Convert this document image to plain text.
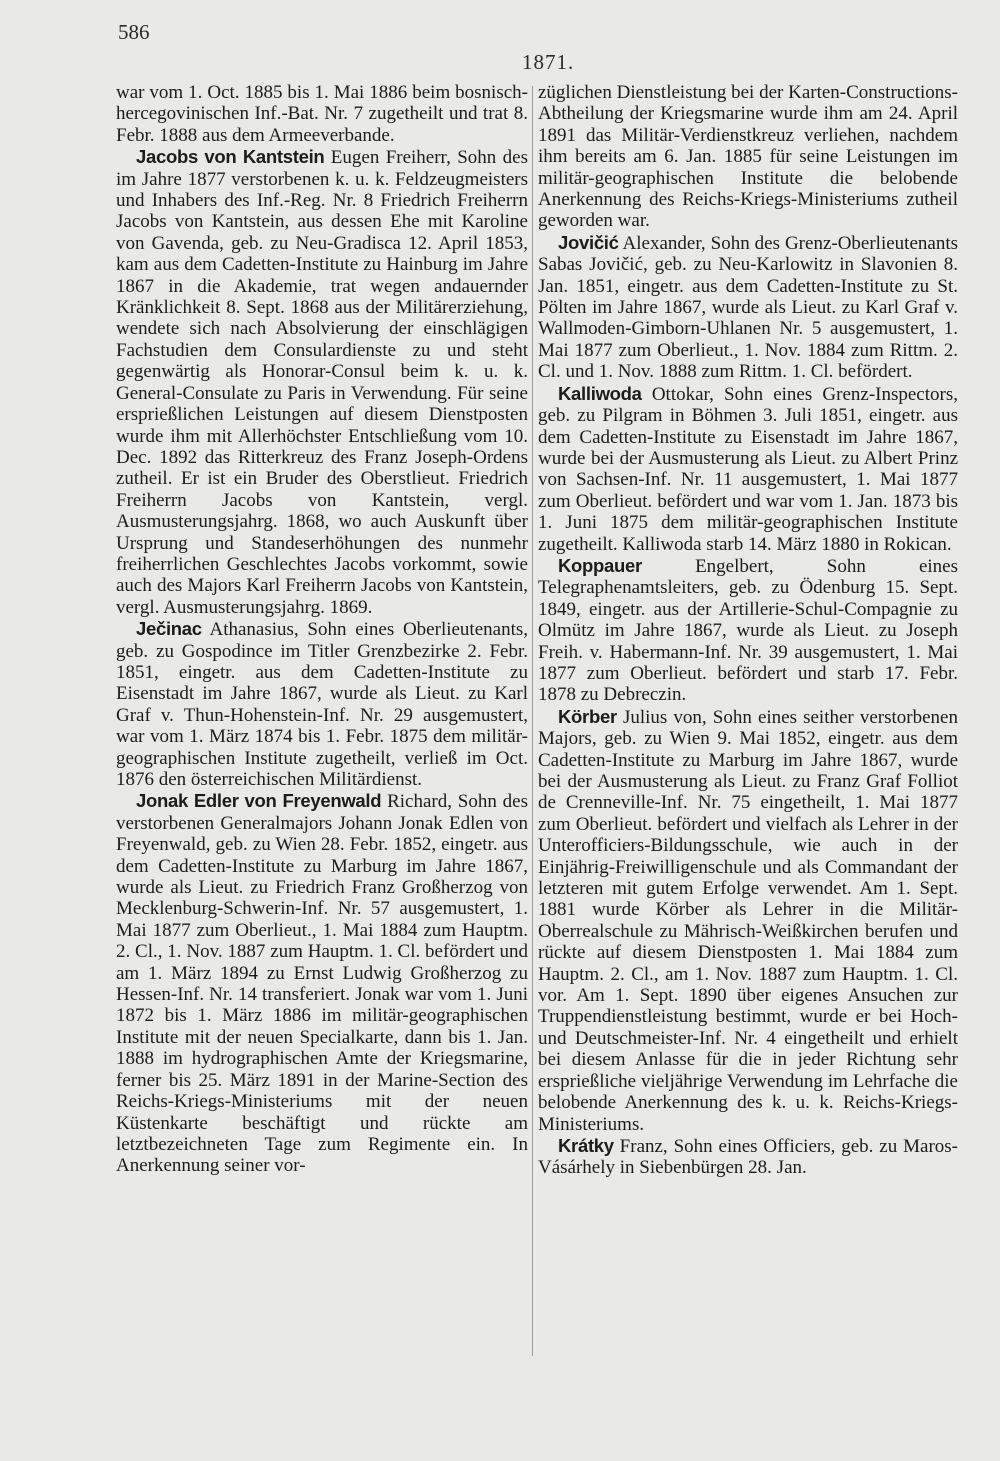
586
1871.

war vom 1. Oct. 1885 bis 1. Mai 1886 beim bosnisch-hercegovinischen Inf.-Bat. Nr. 7 zugetheilt und trat 8. Febr. 1888 aus dem Armeeverbande.

Jacobs von Kantstein Eugen Freiherr, Sohn des im Jahre 1877 verstorbenen k. u. k. Feldzeugmeisters und Inhabers des Inf.-Reg. Nr. 8 Friedrich Freiherrn Jacobs von Kantstein, aus dessen Ehe mit Karoline von Gavenda, geb. zu Neu-Gradisca 12. April 1853, kam aus dem Cadetten-Institute zu Hainburg im Jahre 1867 in die Akademie, trat wegen andauernder Kränklichkeit 8. Sept. 1868 aus der Militärerziehung, wendete sich nach Absolvierung der einschlägigen Fachstudien dem Consulardienste zu und steht gegenwärtig als Honorar-Consul beim k. u. k. General-Consulate zu Paris in Verwendung. Für seine ersprießlichen Leistungen auf diesem Dienstposten wurde ihm mit Allerhöchster Entschließung vom 10. Dec. 1892 das Ritterkreuz des Franz Joseph-Ordens zutheil. Er ist ein Bruder des Oberstlieut. Friedrich Freiherrn Jacobs von Kantstein, vergl. Ausmusterungsjahrg. 1868, wo auch Auskunft über Ursprung und Standeserhöhungen des nunmehr freiherrlichen Geschlechtes Jacobs vorkommt, sowie auch des Majors Karl Freiherrn Jacobs von Kantstein, vergl. Ausmusterungsjahrg. 1869.

Ječinac Athanasius, Sohn eines Oberlieutenants, geb. zu Gospodince im Titler Grenzbezirke 2. Febr. 1851, eingetr. aus dem Cadetten-Institute zu Eisenstadt im Jahre 1867, wurde als Lieut. zu Karl Graf v. Thun-Hohenstein-Inf. Nr. 29 ausgemustert, war vom 1. März 1874 bis 1. Febr. 1875 dem militär-geographischen Institute zugetheilt, verließ im Oct. 1876 den österreichischen Militärdienst.

Jonak Edler von Freyenwald Richard, Sohn des verstorbenen Generalmajors Johann Jonak Edlen von Freyenwald, geb. zu Wien 28. Febr. 1852, eingetr. aus dem Cadetten-Institute zu Marburg im Jahre 1867, wurde als Lieut. zu Friedrich Franz Großherzog von Mecklenburg-Schwerin-Inf. Nr. 57 ausgemustert, 1. Mai 1877 zum Oberlieut., 1. Mai 1884 zum Hauptm. 2. Cl., 1. Nov. 1887 zum Hauptm. 1. Cl. befördert und am 1. März 1894 zu Ernst Ludwig Großherzog zu Hessen-Inf. Nr. 14 transferiert. Jonak war vom 1. Juni 1872 bis 1. März 1886 im militär-geographischen Institute mit der neuen Specialkarte, dann bis 1. Jan. 1888 im hydrographischen Amte der Kriegsmarine, ferner bis 25. März 1891 in der Marine-Section des Reichs-Kriegs-Ministeriums mit der neuen Küstenkarte beschäftigt und rückte am letztbezeichneten Tage zum Regimente ein. In Anerkennung seiner vor-

züglichen Dienstleistung bei der Karten-Constructions-Abtheilung der Kriegsmarine wurde ihm am 24. April 1891 das Militär-Verdienstkreuz verliehen, nachdem ihm bereits am 6. Jan. 1885 für seine Leistungen im militär-geographischen Institute die belobende Anerkennung des Reichs-Kriegs-Ministeriums zutheil geworden war.

Jovičić Alexander, Sohn des Grenz-Oberlieutenants Sabas Jovičić, geb. zu Neu-Karlowitz in Slavonien 8. Jan. 1851, eingetr. aus dem Cadetten-Institute zu St. Pölten im Jahre 1867, wurde als Lieut. zu Karl Graf v. Wallmoden-Gimborn-Uhlanen Nr. 5 ausgemustert, 1. Mai 1877 zum Oberlieut., 1. Nov. 1884 zum Rittm. 2. Cl. und 1. Nov. 1888 zum Rittm. 1. Cl. befördert.

Kalliwoda Ottokar, Sohn eines Grenz-Inspectors, geb. zu Pilgram in Böhmen 3. Juli 1851, eingetr. aus dem Cadetten-Institute zu Eisenstadt im Jahre 1867, wurde bei der Ausmusterung als Lieut. zu Albert Prinz von Sachsen-Inf. Nr. 11 ausgemustert, 1. Mai 1877 zum Oberlieut. befördert und war vom 1. Jan. 1873 bis 1. Juni 1875 dem militär-geographischen Institute zugetheilt. Kalliwoda starb 14. März 1880 in Rokican.

Koppauer Engelbert, Sohn eines Telegraphenamtsleiters, geb. zu Ödenburg 15. Sept. 1849, eingetr. aus der Artillerie-Schul-Compagnie zu Olmütz im Jahre 1867, wurde als Lieut. zu Joseph Freih. v. Habermann-Inf. Nr. 39 ausgemustert, 1. Mai 1877 zum Oberlieut. befördert und starb 17. Febr. 1878 zu Debreczin.

Körber Julius von, Sohn eines seither verstorbenen Majors, geb. zu Wien 9. Mai 1852, eingetr. aus dem Cadetten-Institute zu Marburg im Jahre 1867, wurde bei der Ausmusterung als Lieut. zu Franz Graf Folliot de Crenneville-Inf. Nr. 75 eingetheilt, 1. Mai 1877 zum Oberlieut. befördert und vielfach als Lehrer in der Unterofficiers-Bildungsschule, wie auch in der Einjährig-Freiwilligenschule und als Commandant der letzteren mit gutem Erfolge verwendet. Am 1. Sept. 1881 wurde Körber als Lehrer in die Militär-Oberrealschule zu Mährisch-Weißkirchen berufen und rückte auf diesem Dienstposten 1. Mai 1884 zum Hauptm. 2. Cl., am 1. Nov. 1887 zum Hauptm. 1. Cl. vor. Am 1. Sept. 1890 über eigenes Ansuchen zur Truppendienstleistung bestimmt, wurde er bei Hoch- und Deutschmeister-Inf. Nr. 4 eingetheilt und erhielt bei diesem Anlasse für die in jeder Richtung sehr ersprießliche vieljährige Verwendung im Lehrfache die belobende Anerkennung des k. u. k. Reichs-Kriegs-Ministeriums.

Krátky Franz, Sohn eines Officiers, geb. zu Maros-Vásárhely in Siebenbürgen 28. Jan.
